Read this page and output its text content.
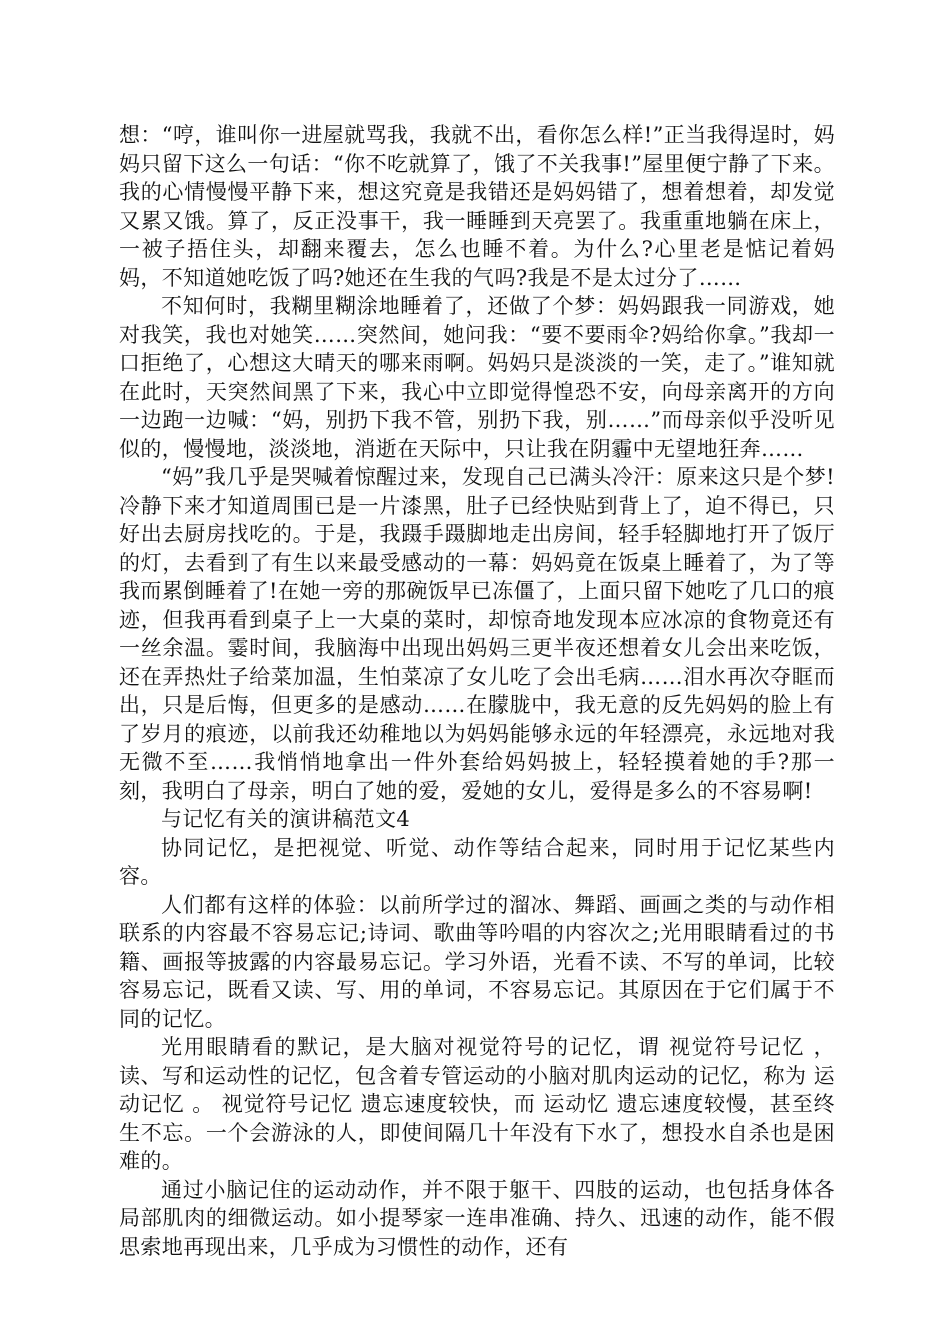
想：“哼，谁叫你一进屋就骂我，我就不出，看你怎么样!”正当我得逞时，妈妈只留下这么一句话：“你不吃就算了，饿了不关我事!”屋里便宁静了下来。我的心情慢慢平静下来，想这究竟是我错还是妈妈错了，想着想着，却发觉又累又饿。算了，反正没事干，我一睡睡到天亮罢了。我重重地躺在床上，一被子捂住头，却翻来覆去，怎么也睡不着。为什么?心里老是惦记着妈妈，不知道她吃饭了吗?她还在生我的气吗?我是不是太过分了……

不知何时，我糊里糊涂地睡着了，还做了个梦：妈妈跟我一同游戏，她对我笑，我也对她笑……突然间，她问我：“要不要雨伞?妈给你拿。”我却一口拒绝了，心想这大晴天的哪来雨啊。妈妈只是淡淡的一笑，走了。”谁知就在此时，天突然间黑了下来，我心中立即觉得惶恐不安，向母亲离开的方向一边跑一边喊：“妈，别扔下我不管，别扔下我，别……”而母亲似乎没听见似的，慢慢地，淡淡地，消逝在天际中，只让我在阴霾中无望地狂奔……

“妈”我几乎是哭喊着惊醒过来，发现自己已满头冷汗：原来这只是个梦!冷静下来才知道周围已是一片漆黑，肚子已经快贴到背上了，迫不得已，只好出去厨房找吃的。于是，我蹑手蹑脚地走出房间，轻手轻脚地打开了饭厅的灯，去看到了有生以来最受感动的一幕：妈妈竟在饭桌上睡着了，为了等我而累倒睡着了!在她一旁的那碗饭早已冻僵了，上面只留下她吃了几口的痕迹，但我再看到桌子上一大桌的菜时，却惊奇地发现本应冰凉的食物竟还有一丝余温。霎时间，我脑海中出现出妈妈三更半夜还想着女儿会出来吃饭，还在弄热灶子给菜加温，生怕菜凉了女儿吃了会出毛病……泪水再次夺眶而出，只是后悔，但更多的是感动……在朦胧中，我无意的反先妈妈的脸上有了岁月的痕迹，以前我还幼稚地以为妈妈能够永远的年轻漂亮，永远地对我无微不至……我悄悄地拿出一件外套给妈妈披上，轻轻摸着她的手?那一刻，我明白了母亲，明白了她的爱，爱她的女儿，爱得是多么的不容易啊!

与记忆有关的演讲稿范文4

协同记忆，是把视觉、听觉、动作等结合起来，同时用于记忆某些内容。

人们都有这样的体验：以前所学过的溜冰、舞蹈、画画之类的与动作相联系的内容最不容易忘记;诗词、歌曲等吟唱的内容次之;光用眼睛看过的书籍、画报等披露的内容最易忘记。学习外语，光看不读、不写的单词，比较容易忘记，既看又读、写、用的单词，不容易忘记。其原因在于它们属于不同的记忆。

光用眼睛看的默记，是大脑对视觉符号的记忆，谓 视觉符号记忆 ，读、写和运动性的记忆，包含着专管运动的小脑对肌肉运动的记忆，称为 运动记忆 。 视觉符号记忆 遗忘速度较快，而 运动忆 遗忘速度较慢，甚至终生不忘。一个会游泳的人，即使间隔几十年没有下水了，想投水自杀也是困难的。

通过小脑记住的运动动作，并不限于躯干、四肢的运动，也包括身体各局部肌肉的细微运动。如小提琴家一连串准确、持久、迅速的动作，能不假思索地再现出来，几乎成为习惯性的动作，还有
